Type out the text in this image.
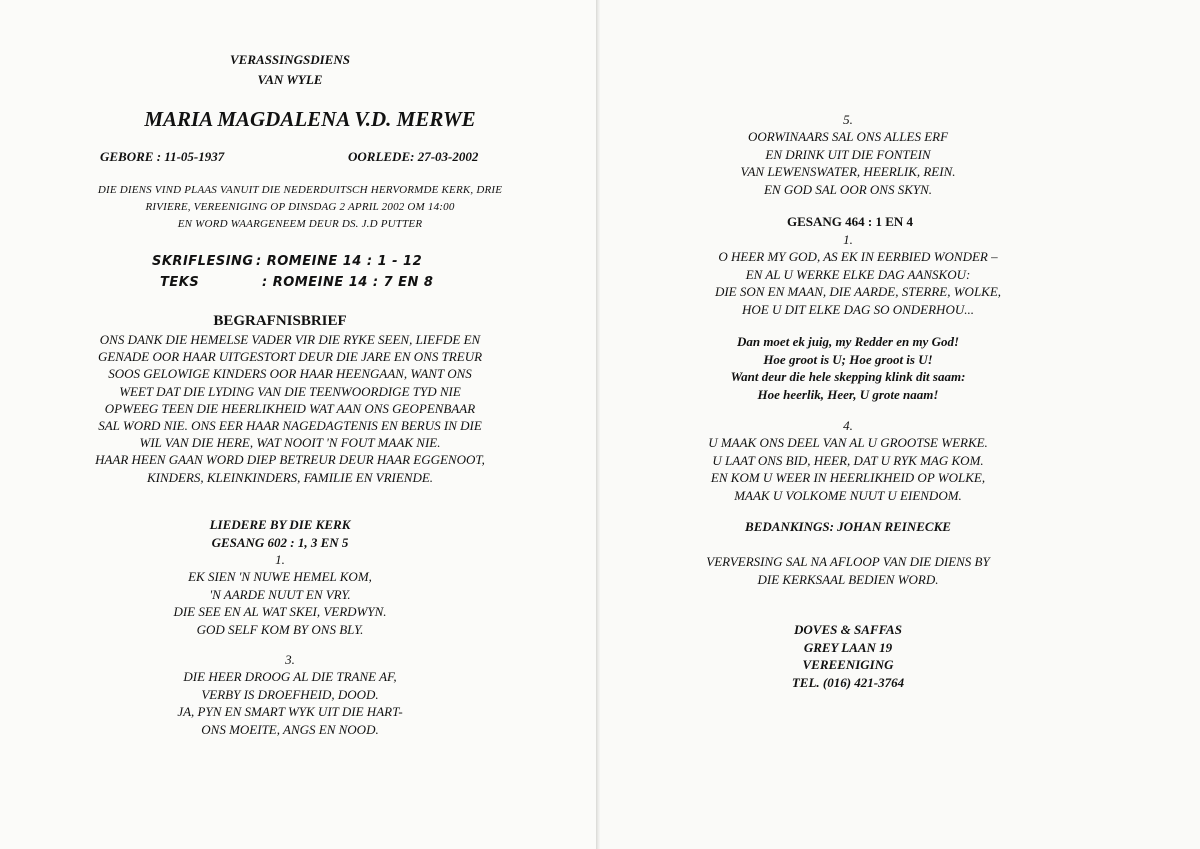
VERASSINGSDIENS
VAN WYLE
MARIA MAGDALENA V.D. MERWE
GEBORE : 11-05-1937	OORLEDE: 27-03-2002
DIE DIENS VIND PLAAS VANUIT DIE NEDERDUITSCH HERVORMDE KERK, DRIE
RIVIERE, VEREENIGING OP DINSDAG 2 APRIL 2002 OM 14:00
EN WORD WAARGENEEM DEUR DS. J.D PUTTER
SKRIFLESING : ROMEINE 14 : 1 - 12
TEKS	: ROMEINE 14 : 7 EN 8
BEGRAFNISBRIEF
ONS DANK DIE HEMELSE VADER VIR DIE RYKE SEEN, LIEFDE EN
GENADE OOR HAAR UITGESTORT DEUR DIE JARE EN ONS TREUR
SOOS GELOWIGE KINDERS OOR HAAR HEENGAAN, WANT ONS
WEET DAT DIE LYDING VAN DIE TEENWOORDIGE TYD NIE
OPWEEG TEEN DIE HEERLIKHEID WAT AAN ONS GEOPENBAAR
SAL WORD NIE. ONS EER HAAR NAGEDAGTENIS EN BERUS IN DIE
WIL VAN DIE HERE, WAT NOOIT 'N FOUT MAAK NIE.
HAAR HEEN GAAN WORD DIEP BETREUR DEUR HAAR EGGENOOT,
KINDERS, KLEINKINDERS, FAMILIE EN VRIENDE.
LIEDERE BY DIE KERK
GESANG 602 : 1, 3 EN 5
1.
EK SIEN 'N NUWE HEMEL KOM,
'N AARDE NUUT EN VRY.
DIE SEE EN AL WAT SKEI, VERDWYN.
GOD SELF KOM BY ONS BLY.
3.
DIE HEER DROOG AL DIE TRANE AF,
VERBY IS DROEFHEID, DOOD.
JA, PYN EN SMART WYK UIT DIE HART-
ONS MOEITE, ANGS EN NOOD.
5.
OORWINAARS SAL ONS ALLES ERF
EN DRINK UIT DIE FONTEIN
VAN LEWENSWATER, HEERLIK, REIN.
EN GOD SAL OOR ONS SKYN.
GESANG 464 : 1 EN 4
1.
O HEER MY GOD, AS EK IN EERBIED WONDER –
EN AL U WERKE ELKE DAG AANSKOU:
DIE SON EN MAAN, DIE AARDE, STERRE, WOLKE,
HOE U DIT ELKE DAG SO ONDERHOU...
Dan moet ek juig, my Redder en my God!
Hoe groot is U; Hoe groot is U!
Want deur die hele skepping klink dit saam:
Hoe heerlik, Heer, U grote naam!
4.
U MAAK ONS DEEL VAN AL U GROOTSE WERKE.
U LAAT ONS BID, HEER, DAT U RYK MAG KOM.
EN KOM U WEER IN HEERLIKHEID OP WOLKE,
MAAK U VOLKOME NUUT U EIENDOM.
BEDANKINGS: JOHAN REINECKE
VERVERSING SAL NA AFLOOP VAN DIE DIENS BY
DIE KERKSAAL BEDIEN WORD.
DOVES & SAFFAS
GREY LAAN 19
VEREENIGING
TEL. (016) 421-3764
